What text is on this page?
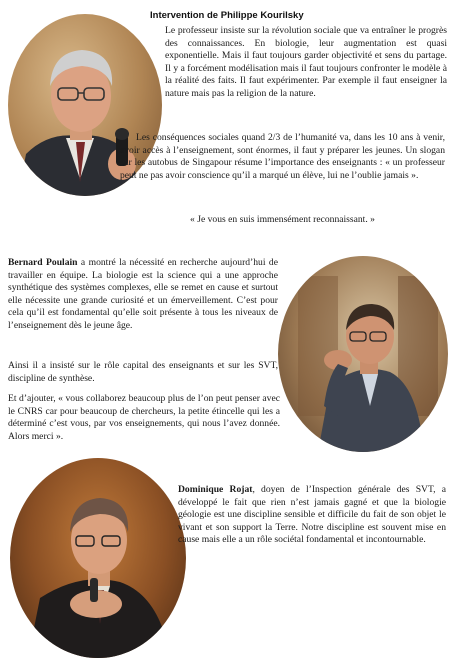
Intervention de Philippe Kourilsky

Le professeur insiste sur la révolution sociale que va entraîner le progrès des connaissances. En biologie, leur augmentation est quasi exponentielle. Mais il faut toujours garder objectivité et sens du partage. Il y a forcément modélisation mais il faut toujours confronter le modèle à la réalité des faits. Il faut expérimenter. Par exemple il faut enseigner la nature mais pas la religion de la nature.

Les conséquences sociales quand 2/3 de l’humanité va, dans les 10 ans à venir, avoir accès à l’enseignement, sont énormes, il faut y préparer les jeunes. Un slogan sur les autobus de Singapour résume l’importance des enseignants : « un professeur peut ne pas avoir conscience qu’il a marqué un élève, lui ne l’oublie jamais ».

« Je vous en suis immensément reconnaissant. »

Bernard Poulain a montré la nécessité en recherche aujourd’hui de travailler en équipe. La biologie est la science qui a une approche synthétique des systèmes complexes, elle se remet en cause et surtout elle nécessite une grande curiosité et un émerveillement. C’est pour cela qu’il est fondamental qu’elle soit présente à tous les niveaux de l’enseignement dès le jeune âge.

Ainsi il a insisté sur le rôle capital des enseignants et sur les SVT, discipline de synthèse.

Et d’ajouter, « vous collaborez beaucoup plus de l’on peut penser avec le CNRS car pour beaucoup de chercheurs, la petite étincelle qui les a déterminé c’est vous, par vos enseignements, qui nous l’avez donnée. Alors merci ».

Dominique Rojat, doyen de l’Inspection générale des SVT, a développé le fait que rien n’est jamais gagné et que la biologie géologie est une discipline sensible et difficile du fait de son objet le vivant et son support la Terre. Notre discipline est souvent mise en cause mais elle a un rôle sociétal fondamental et incontournable.
